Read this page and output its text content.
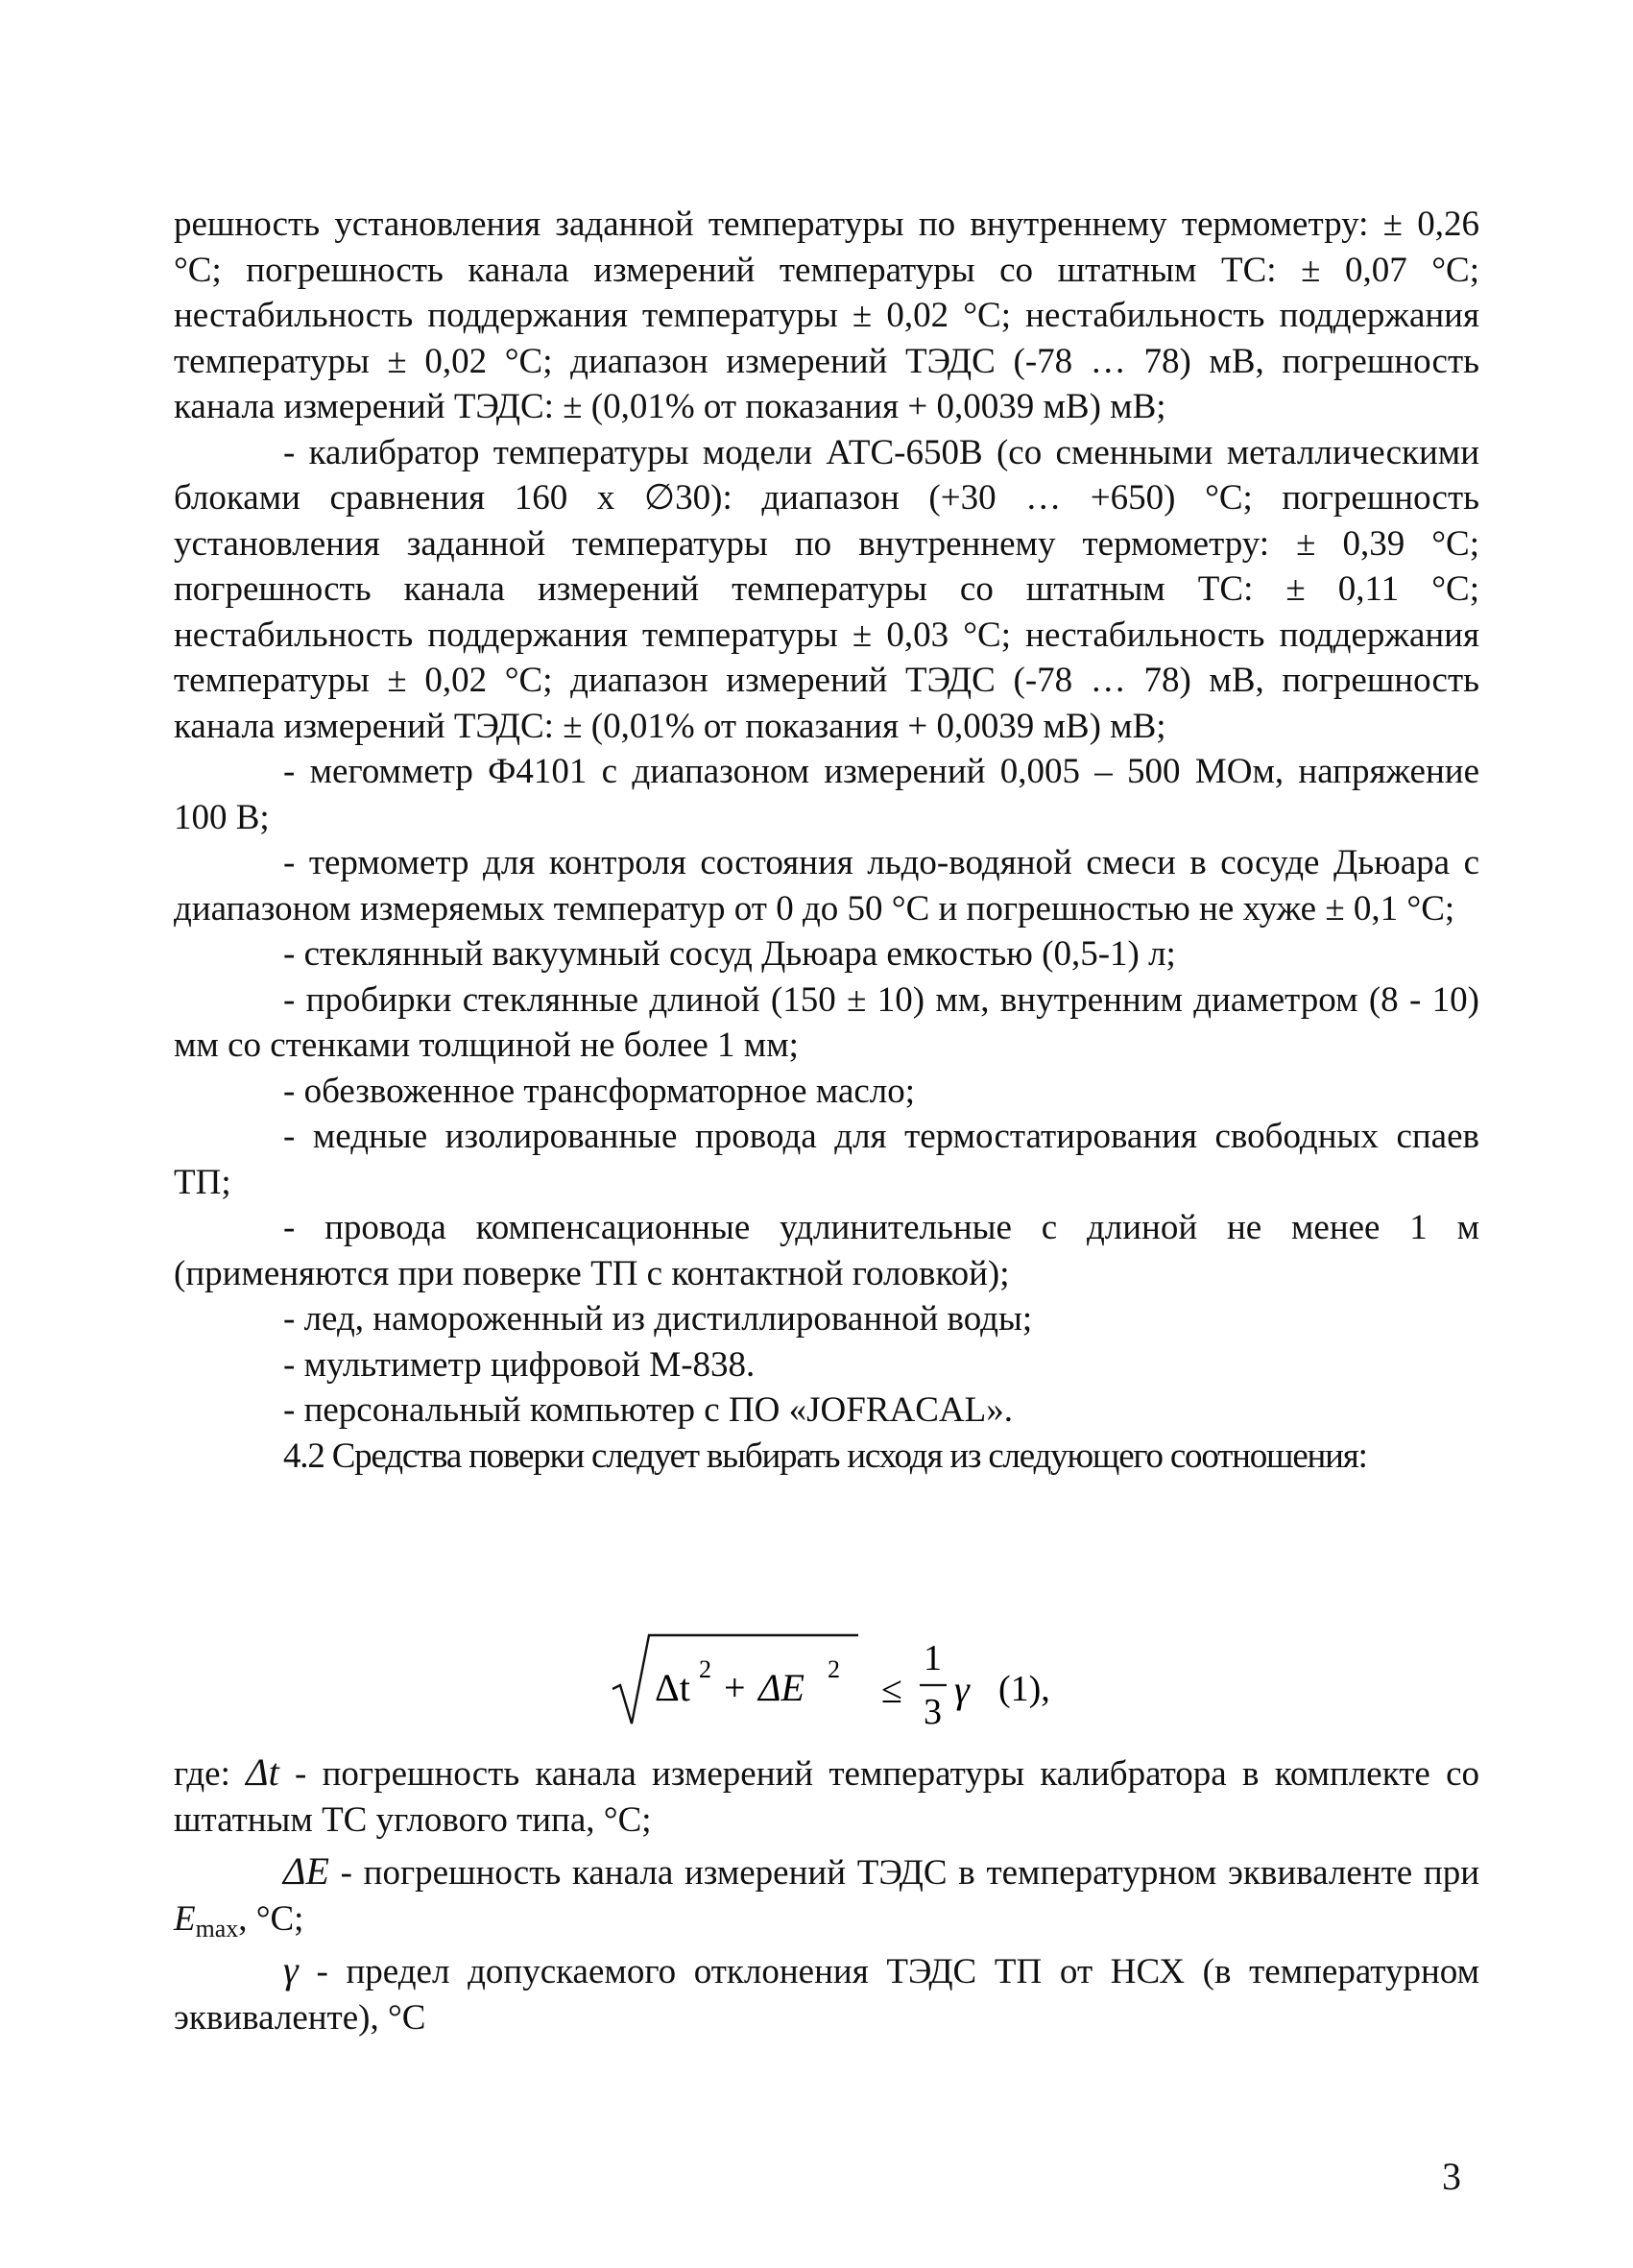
решность установления заданной температуры по внутреннему термометру: ± 0,26 °С; погрешность канала измерений температуры со штатным ТС: ± 0,07 °С; нестабильность поддержания температуры ± 0,02 °С; нестабильность поддержания температуры ± 0,02 °С; диапазон измерений ТЭДС (-78 … 78) мВ, погрешность канала измерений ТЭДС: ± (0,01% от показания + 0,0039 мВ) мВ;

- калибратор температуры модели АТС-650В (со сменными металлическими блоками сравнения 160 х ∅30): диапазон (+30 … +650) °С; погрешность установления заданной температуры по внутреннему термометру: ± 0,39 °С; погрешность канала измерений температуры со штатным ТС: ± 0,11 °С; нестабильность поддержания температуры ± 0,03 °С; нестабильность поддержания температуры ± 0,02 °С; диапазон измерений ТЭДС (-78 … 78) мВ, погрешность канала измерений ТЭДС: ± (0,01% от показания + 0,0039 мВ) мВ;

- мегомметр Ф4101 с диапазоном измерений 0,005 – 500 МОм, напряжение 100 В;

- термометр для контроля состояния льдо-водяной смеси в сосуде Дьюара с диапазоном измеряемых температур от 0 до 50 °С и погрешностью не хуже ± 0,1 °С;

- стеклянный вакуумный сосуд Дьюара емкостью (0,5-1) л;

- пробирки стеклянные длиной (150 ± 10) мм, внутренним диаметром (8 - 10) мм со стенками толщиной не более 1 мм;

- обезвоженное трансформаторное масло;

- медные изолированные провода для термостатирования свободных спаев ТП;

- провода компенсационные удлинительные с длиной не менее 1 м (применяются при поверке ТП с контактной головкой);

- лед, намороженный из дистиллированной воды;

- мультиметр цифровой М-838.

- персональный компьютер с ПО «JOFRACAL».

4.2 Средства поверки следует выбирать исходя из следующего соотношения:

Δt 2 + ΔE 2 ≤
1
3
γ (1),

где: Δt - погрешность канала измерений температуры калибратора в комплекте со штатным ТС углового типа, °С;

ΔE - погрешность канала измерений ТЭДС в температурном эквиваленте при $E_{max}$, °С;

γ - предел допускаемого отклонения ТЭДС ТП от НСХ (в температурном эквиваленте), °С

3
